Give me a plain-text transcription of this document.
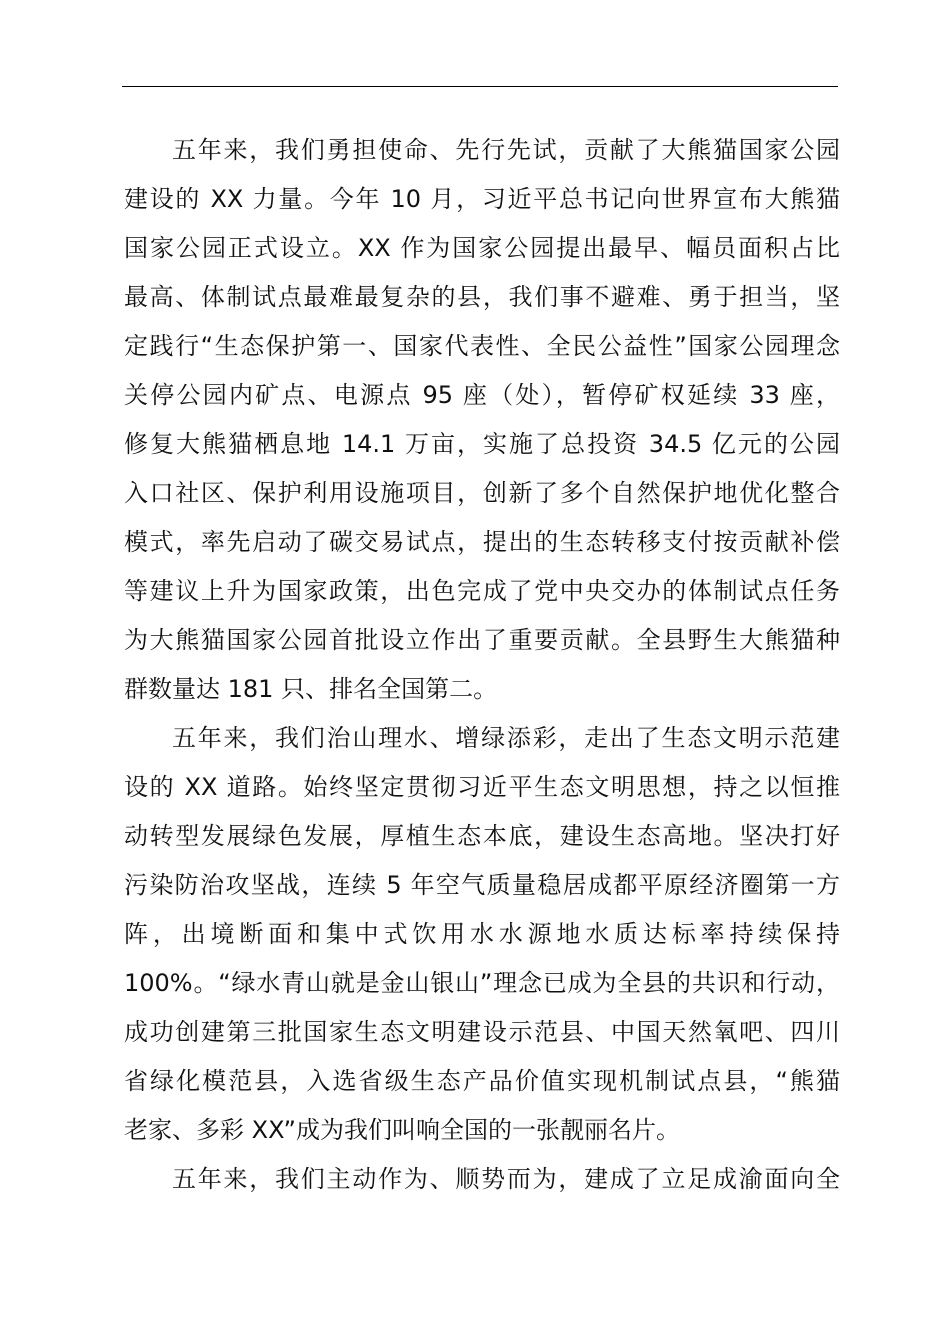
五年来，我们勇担使命、先行先试，贡献了大熊猫国家公园
建设的 XX 力量。今年 10 月，习近平总书记向世界宣布大熊猫
国家公园正式设立。XX 作为国家公园提出最早、幅员面积占比
最高、体制试点最难最复杂的县，我们事不避难、勇于担当，坚
定践行“生态保护第一、国家代表性、全民公益性”国家公园理念
关停公园内矿点、电源点 95 座（处），暂停矿权延续 33 座，
修复大熊猫栖息地 14.1 万亩，实施了总投资 34.5 亿元的公园
入口社区、保护利用设施项目，创新了多个自然保护地优化整合
模式，率先启动了碳交易试点，提出的生态转移支付按贡献补偿
等建议上升为国家政策，出色完成了党中央交办的体制试点任务
为大熊猫国家公园首批设立作出了重要贡献。全县野生大熊猫种
群数量达 181 只、排名全国第二。
五年来，我们治山理水、增绿添彩，走出了生态文明示范建
设的 XX 道路。始终坚定贯彻习近平生态文明思想，持之以恒推
动转型发展绿色发展，厚植生态本底，建设生态高地。坚决打好
污染防治攻坚战，连续 5 年空气质量稳居成都平原经济圈第一方
阵，出境断面和集中式饮用水水源地水质达标率持续保持
100%。“绿水青山就是金山银山”理念已成为全县的共识和行动，
成功创建第三批国家生态文明建设示范县、中国天然氧吧、四川
省绿化模范县，入选省级生态产品价值实现机制试点县，“熊猫
老家、多彩 XX”成为我们叫响全国的一张靓丽名片。
五年来，我们主动作为、顺势而为，建成了立足成渝面向全
